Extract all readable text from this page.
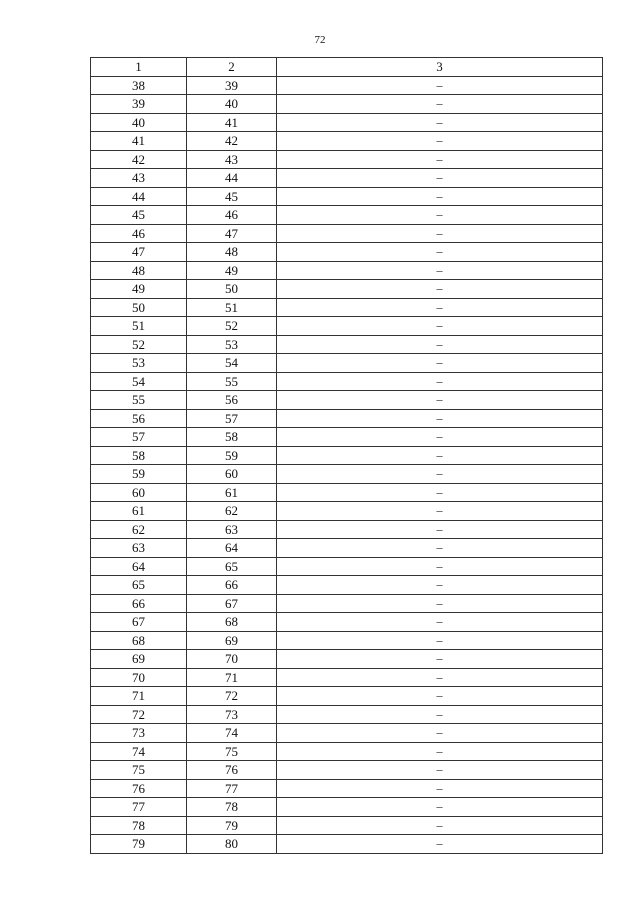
72
1	2	3
38	39	–
39	40	–
40	41	–
41	42	–
42	43	–
43	44	–
44	45	–
45	46	–
46	47	–
47	48	–
48	49	–
49	50	–
50	51	–
51	52	–
52	53	–
53	54	–
54	55	–
55	56	–
56	57	–
57	58	–
58	59	–
59	60	–
60	61	–
61	62	–
62	63	–
63	64	–
64	65	–
65	66	–
66	67	–
67	68	–
68	69	–
69	70	–
70	71	–
71	72	–
72	73	–
73	74	–
74	75	–
75	76	–
76	77	–
77	78	–
78	79	–
79	80	–
